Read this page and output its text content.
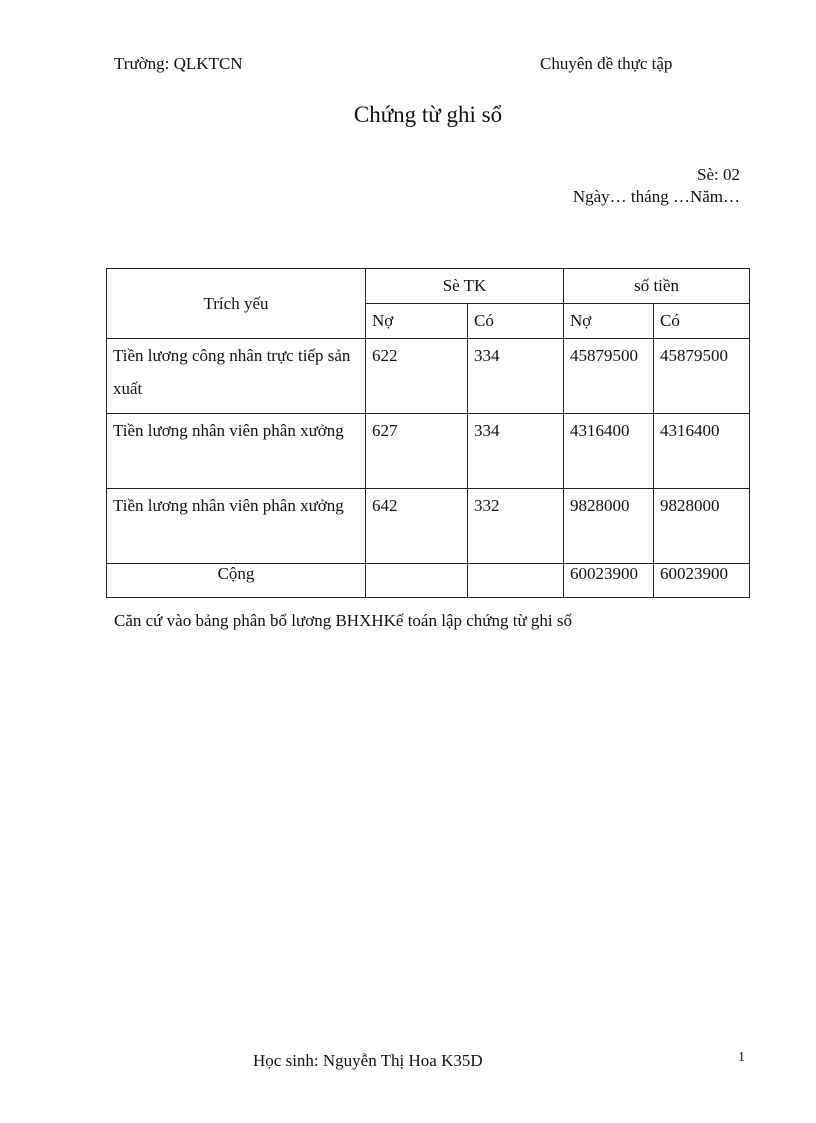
Trường: QLKTCN	Chuyên đề thực tập
Chứng từ ghi sổ
Sè: 02
Ngày… tháng …Năm…
Trích yếu	Sè TK		số tiền	
	Nợ	Có	Nợ	Có
Tiền lương công nhân trực tiếp sản xuất	622	334	45879500	45879500
Tiền lương nhân viên phân xưởng	627	334	4316400	4316400
Tiền lương nhân viên phân xưởng	642	332	9828000	9828000
Cộng			60023900	60023900
Căn cứ vào bảng phân bổ lương BHXHKế toán lập chứng từ ghi sổ
Học sinh: Nguyễn Thị Hoa K35D	1
